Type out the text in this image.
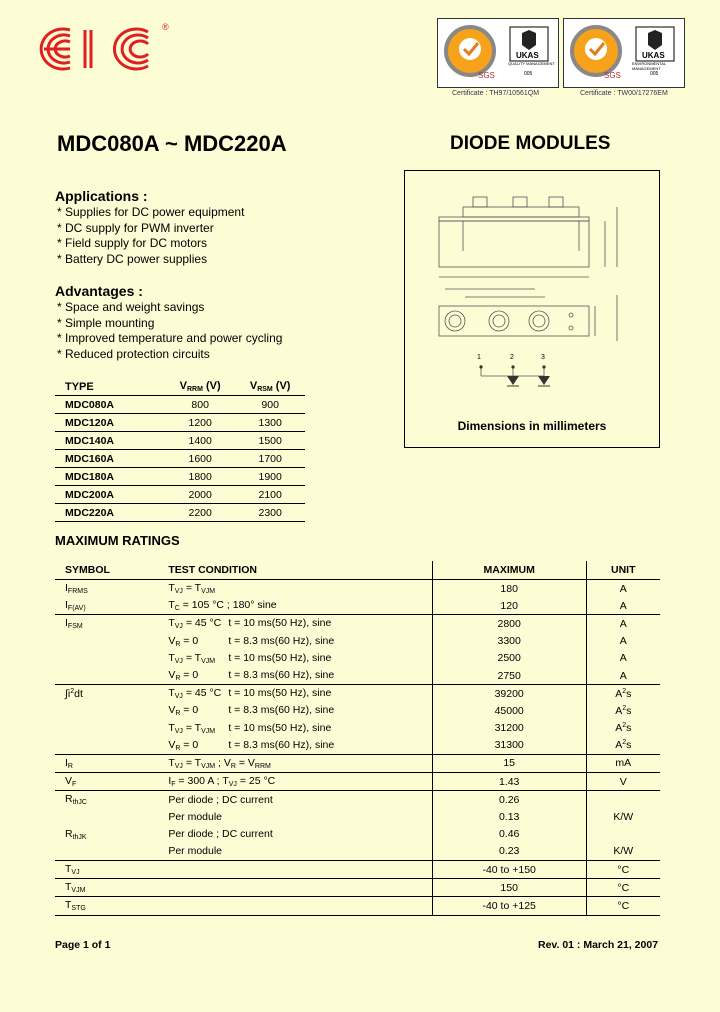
®
SGS
UKAS
QUALITY MANAGEMENT
005	SGS
UKAS
ENVIRONMENTAL MANAGEMENT
005
Certificate : TH97/10561QM	Certificate : TW00/17276EM
MDC080A ~ MDC220A	DIODE MODULES
Applications :
* Supplies for DC power equipment
* DC supply for PWM inverter
* Field supply for DC motors
* Battery DC power supplies
Advantages :
* Space and weight savings
* Simple mounting
* Improved temperature and power cycling
* Reduced protection circuits	1	2	3
Dimensions in millimeters
TYPE	$V_{RRM}$ (V)	$V_{RSM}$ (V)
MDC080A	800	900
MDC120A	1200	1300
MDC140A	1400	1500
MDC160A	1600	1700
MDC180A	1800	1900
MDC200A	2000	2100
MDC220A	2200	2300
MAXIMUM RATINGS
SYMBOL	TEST CONDITION	MAXIMUM	UNIT
$I_{FRMS}$	$T_{VJ} = T_{VJM}$	180	A
$I_{F(AV)}$	$T_C = 105$ °C ; 180° sine	120	A
$I_{FSM}$	$T_{VJ} = 45$ °C t = 10 ms(50 Hz), sine	2800	A
	$V_R = 0$ t = 8.3 ms(60 Hz), sine	3300	A
	$T_{VJ} = T_{VJM}$ t = 10 ms(50 Hz), sine	2500	A
	$V_R = 0$ t = 8.3 ms(60 Hz), sine	2750	A
$\int i^2dt$	$T_{VJ} = 45$ °C t = 10 ms(50 Hz), sine	39200	$A^2s$
	$V_R = 0$ t = 8.3 ms(60 Hz), sine	45000	$A^2s$
	$T_{VJ} = T_{VJM}$ t = 10 ms(50 Hz), sine	31200	$A^2s$
	$V_R = 0$ t = 8.3 ms(60 Hz), sine	31300	$A^2s$
$I_R$	$T_{VJ} = T_{VJM}$ ; $V_R = V_{RRM}$	15	mA
$V_F$	$I_F = 300$ A ; $T_{VJ} = 25$ °C	1.43	V
$R_{thJC}$	Per diode ; DC current	0.26	
	Per module	0.13	K/W
$R_{thJK}$	Per diode ; DC current	0.46	
	Per module	0.23	K/W
$T_{VJ}$		-40 to +150	°C
$T_{VJM}$		150	°C
$T_{STG}$		-40 to +125	°C
Page 1 of 1	Rev. 01 : March 21, 2007
